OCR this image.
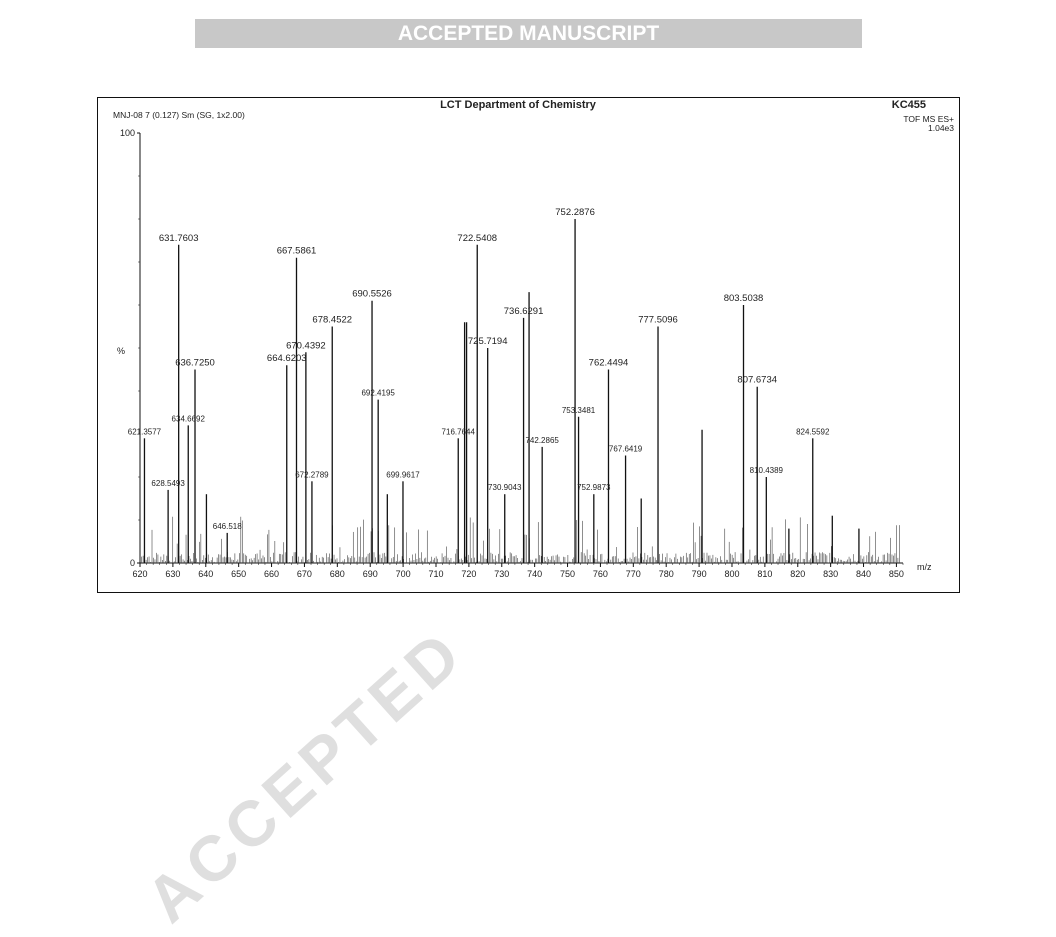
ACCEPTED MANUSCRIPT
LCT Department of Chemistry	KC455
MNJ-08 7 (0.127) Sm (SG, 1x2.00)	TOF MS ES+
1.04e3
m/z
%
620 630 640 650 660 670 680 690 700 710 720 730 740 750 760 770 780 790 800 810 820 830 840 850
0
100
621.3577
628.5493
631.7603
634.6692
636.7250
646.518
664.6203
667.5861
670.4392
672.2789
678.4522
690.5526
692.4195
699.9617
716.7644
722.5408
725.7194
730.9043
736.6291
742.2865
752.2876
753.3481
752.9873
762.4494
767.6419
777.5096
803.5038
807.6734
810.4389
824.5592
ACCEPTED
